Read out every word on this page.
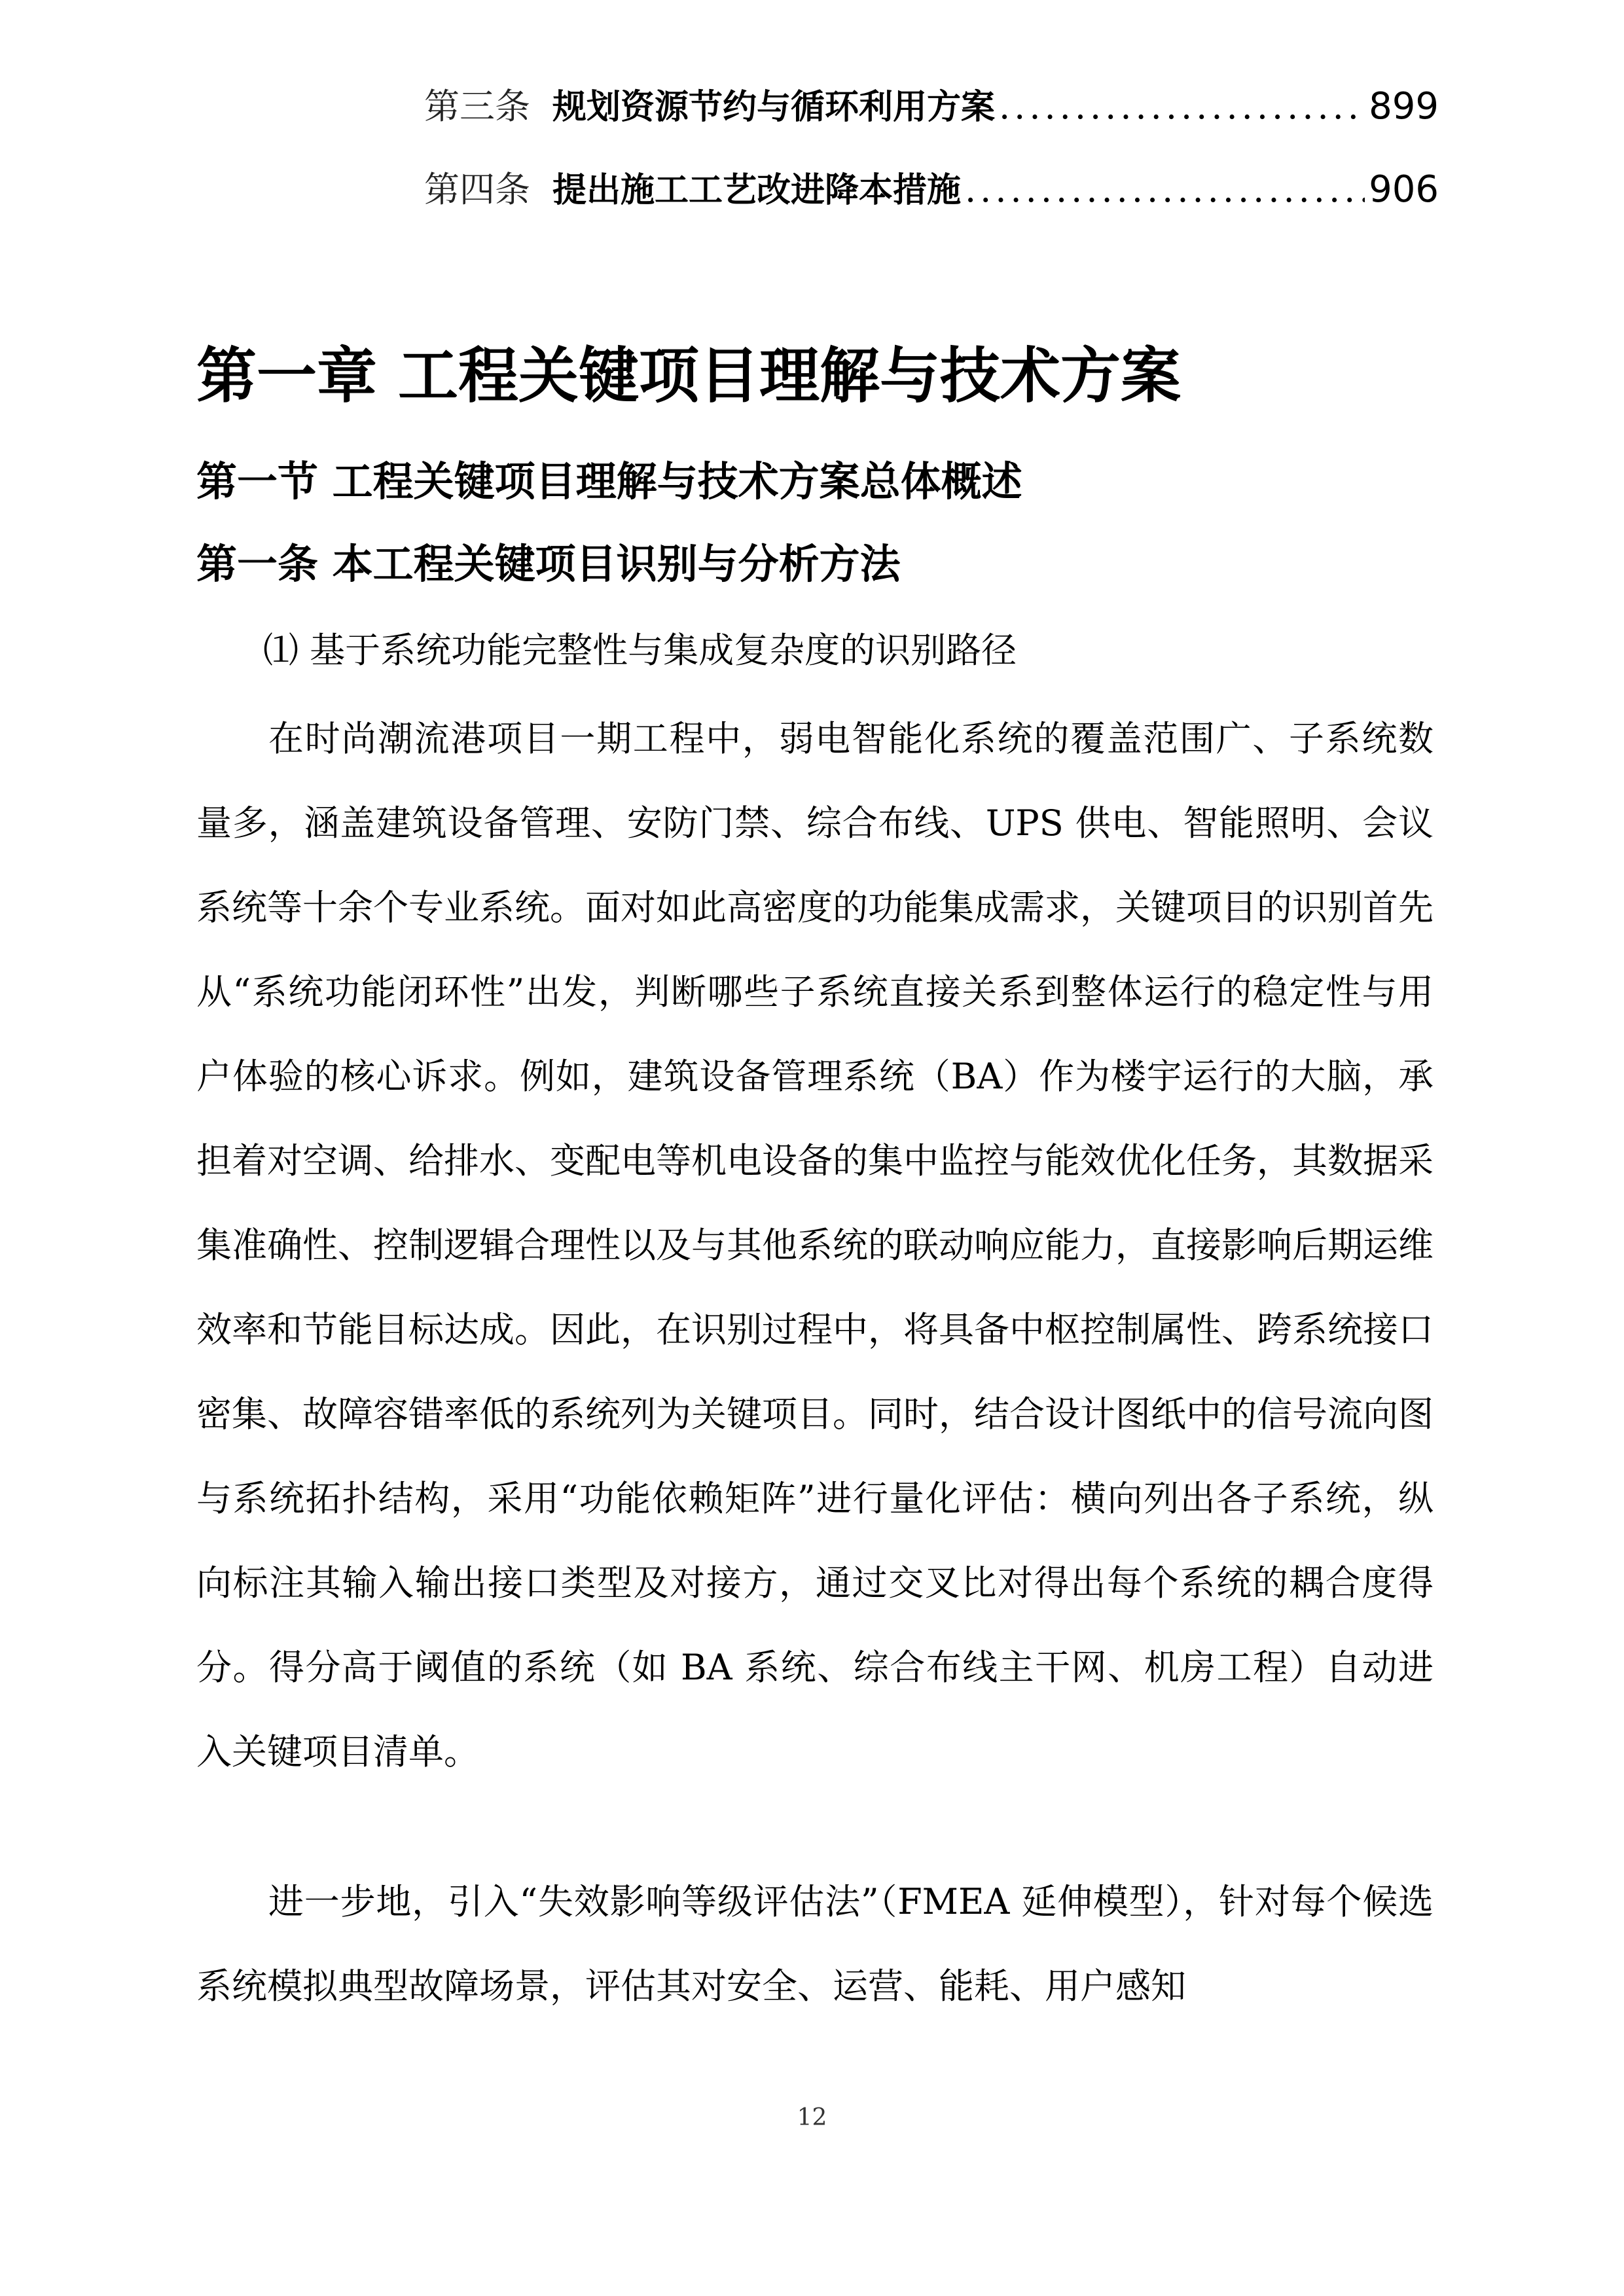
第三条 规划资源节约与循环利用方案 .....	899
第四条 提出施工工艺改进降本措施 .....	906
第一章 工程关键项目理解与技术方案
第一节 工程关键项目理解与技术方案总体概述
第一条 本工程关键项目识别与分析方法
⑴ 基于系统功能完整性与集成复杂度的识别路径

在时尚潮流港项目一期工程中，弱电智能化系统的覆盖范围广、子系统数量多，涵盖建筑设备管理、安防门禁、综合布线、UPS 供电、智能照明、会议系统等十余个专业系统。面对如此高密度的功能集成需求，关键项目的识别首先从“系统功能闭环性”出发，判断哪些子系统直接关系到整体运行的稳定性与用户体验的核心诉求。例如，建筑设备管理系统（BA）作为楼宇运行的大脑，承担着对空调、给排水、变配电等机电设备的集中监控与能效优化任务，其数据采集准确性、控制逻辑合理性以及与其他系统的联动响应能力，直接影响后期运维效率和节能目标达成。因此，在识别过程中，将具备中枢控制属性、跨系统接口密集、故障容错率低的系统列为关键项目。同时，结合设计图纸中的信号流向图与系统拓扑结构，采用“功能依赖矩阵”进行量化评估：横向列出各子系统，纵向标注其输入输出接口类型及对接方，通过交叉比对得出每个系统的耦合度得分。得分高于阈值的系统（如 BA 系统、综合布线主干网、机房工程）自动进入关键项目清单。

进一步地，引入“失效影响等级评估法”（FMEA 延伸模型），针对每个候选系统模拟典型故障场景，评估其对安全、运营、能耗、用户感知

12
